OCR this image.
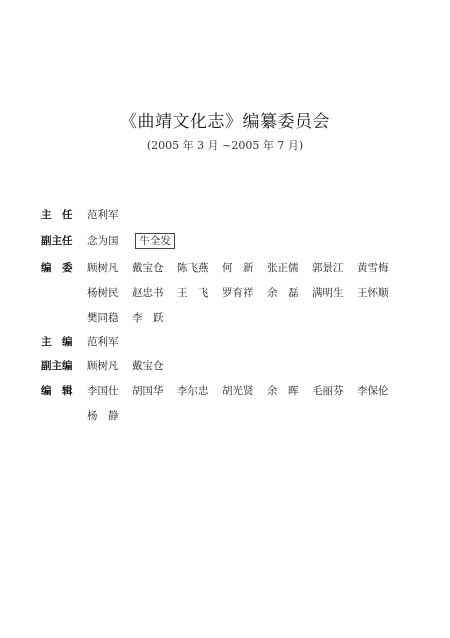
《曲靖文化志》编纂委员会
(2005 年 3 月 ~2005 年 7 月)
主　任	范利军
副主任	念为国 牛全发
编　委	顾树凡 戴宝仓 陈飞燕 何　新 张正儒 郭景江 黄雪梅
杨树民 赵忠书 王　飞 罗育祥 余　磊 满明生 王怀顺
樊同稳 李　跃
主　编	范利军
副主编	顾树凡 戴宝仓
编　辑	李国仕 胡国华 李尔忠 胡光贤 余　晖 毛丽芬 李保伦
杨　静
